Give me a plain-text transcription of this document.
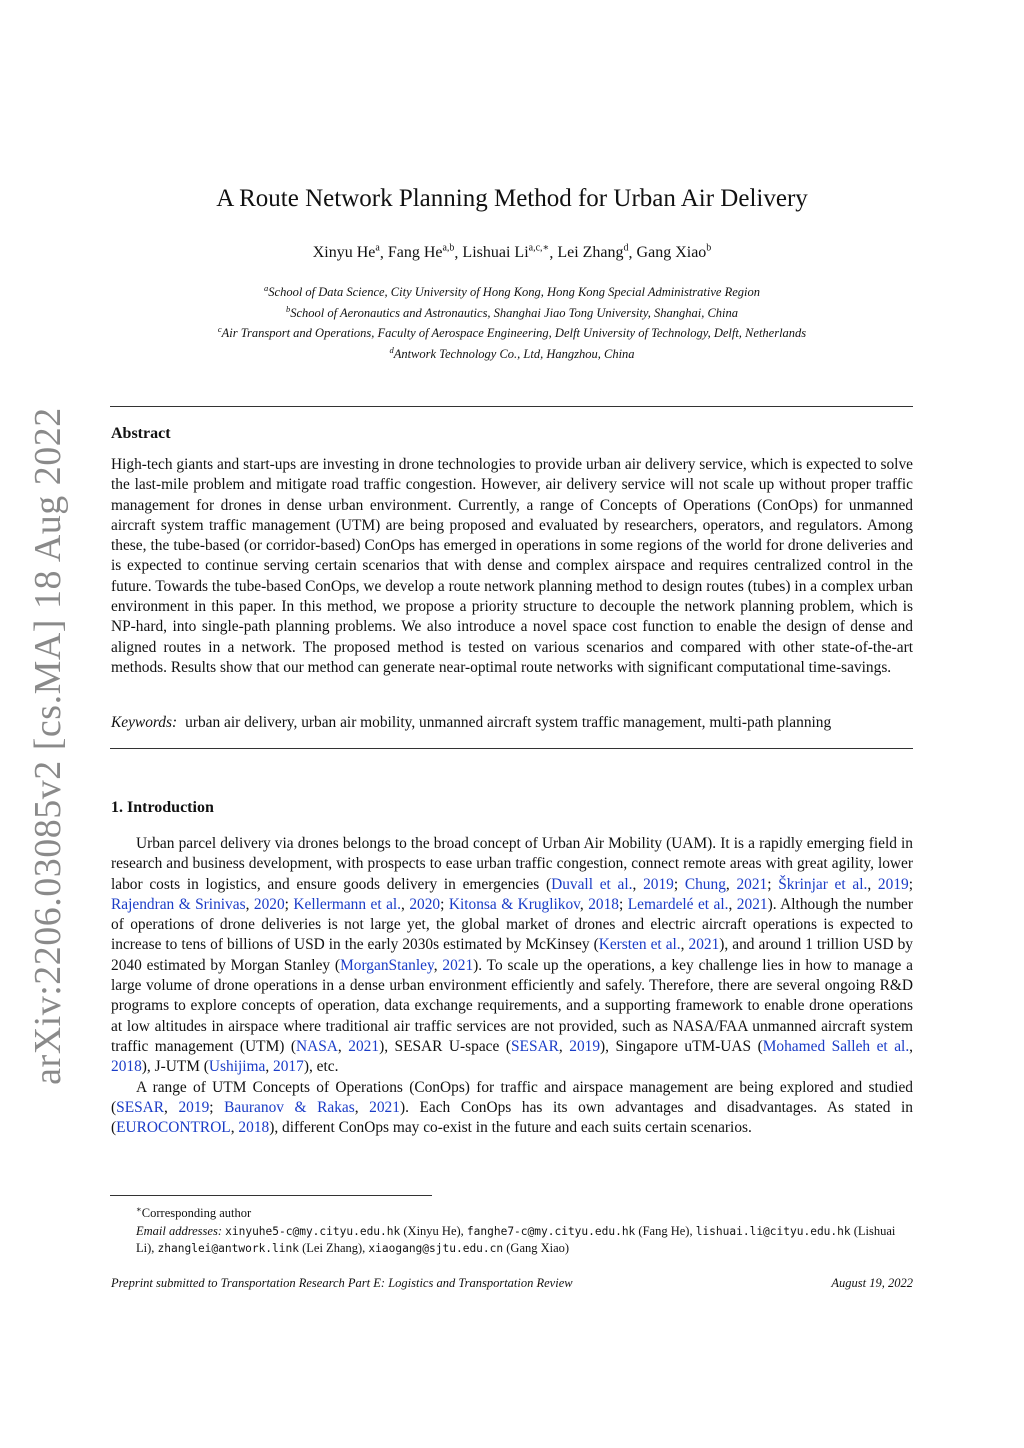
arXiv:2206.03085v2 [cs.MA] 18 Aug 2022
A Route Network Planning Method for Urban Air Delivery
Xinyu He$^a$, Fang He$^{a,b}$, Lishuai $Li^{a,c,∗}$, Lei Zhang$^d$, Gang Xiao$^b$
$^a$School of Data Science, City University of Hong Kong, Hong Kong Special Administrative Region
$^b$School of Aeronautics and Astronautics, Shanghai Jiao Tong University, Shanghai, China
$^c$Air Transport and Operations, Faculty of Aerospace Engineering, Delft University of Technology, Delft, Netherlands
$^d$Antwork Technology Co., Ltd, Hangzhou, China
Abstract
High-tech giants and start-ups are investing in drone technologies to provide urban air delivery service, which is expected to solve the last-mile problem and mitigate road traffic congestion. However, air delivery service will not scale up without proper traffic management for drones in dense urban environment. Currently, a range of Concepts of Operations (ConOps) for unmanned aircraft system traffic management (UTM) are being proposed and evaluated by researchers, operators, and regulators. Among these, the tube-based (or corridor-based) ConOps has emerged in operations in some regions of the world for drone deliveries and is expected to continue serving certain scenarios that with dense and complex airspace and requires centralized control in the future. Towards the tube-based ConOps, we develop a route network planning method to design routes (tubes) in a complex urban environment in this paper. In this method, we propose a priority structure to decouple the network planning problem, which is NP-hard, into single-path planning problems. We also introduce a novel space cost function to enable the design of dense and aligned routes in a network. The proposed method is tested on various scenarios and compared with other state-of-the-art methods. Results show that our method can generate near-optimal route networks with significant computational time-savings.
Keywords: urban air delivery, urban air mobility, unmanned aircraft system traffic management, multi-path planning
1. Introduction

Urban parcel delivery via drones belongs to the broad concept of Urban Air Mobility (UAM). It is a rapidly emerging field in research and business development, with prospects to ease urban traffic congestion, connect remote areas with great agility, lower labor costs in logistics, and ensure goods delivery in emergencies (Duvall et al., 2019; Chung, 2021; Škrinjar et al., 2019; Rajendran & Srinivas, 2020; Kellermann et al., 2020; Kitonsa & Kruglikov, 2018; Lemardelé et al., 2021). Although the number of operations of drone deliveries is not large yet, the global market of drones and electric aircraft operations is expected to increase to tens of billions of USD in the early 2030s estimated by McKinsey (Kersten et al., 2021), and around 1 trillion USD by 2040 estimated by Morgan Stanley (MorganStanley, 2021). To scale up the operations, a key challenge lies in how to manage a large volume of drone operations in a dense urban environment efficiently and safely. Therefore, there are several ongoing R&D programs to explore concepts of operation, data exchange requirements, and a supporting framework to enable drone operations at low altitudes in airspace where traditional air traffic services are not provided, such as NASA/FAA unmanned aircraft system traffic management (UTM) (NASA, 2021), SESAR U-space (SESAR, 2019), Singapore uTM-UAS (Mohamed Salleh et al., 2018), J-UTM (Ushijima, 2017), etc.

A range of UTM Concepts of Operations (ConOps) for traffic and airspace management are being explored and studied (SESAR, 2019; Bauranov & Rakas, 2021). Each ConOps has its own advantages and disadvantages. As stated in (EUROCONTROL, 2018), different ConOps may co-exist in the future and each suits certain scenarios.

∗Corresponding author
Email addresses: xinyuhe5-c@my.cityu.edu.hk (Xinyu He), fanghe7-c@my.cityu.edu.hk (Fang He), lishuai.li@cityu.edu.hk (Lishuai Li), zhanglei@antwork.link (Lei Zhang), xiaogang@sjtu.edu.cn (Gang Xiao)
Preprint submitted to Transportation Research Part E: Logistics and Transportation Review	August 19, 2022
